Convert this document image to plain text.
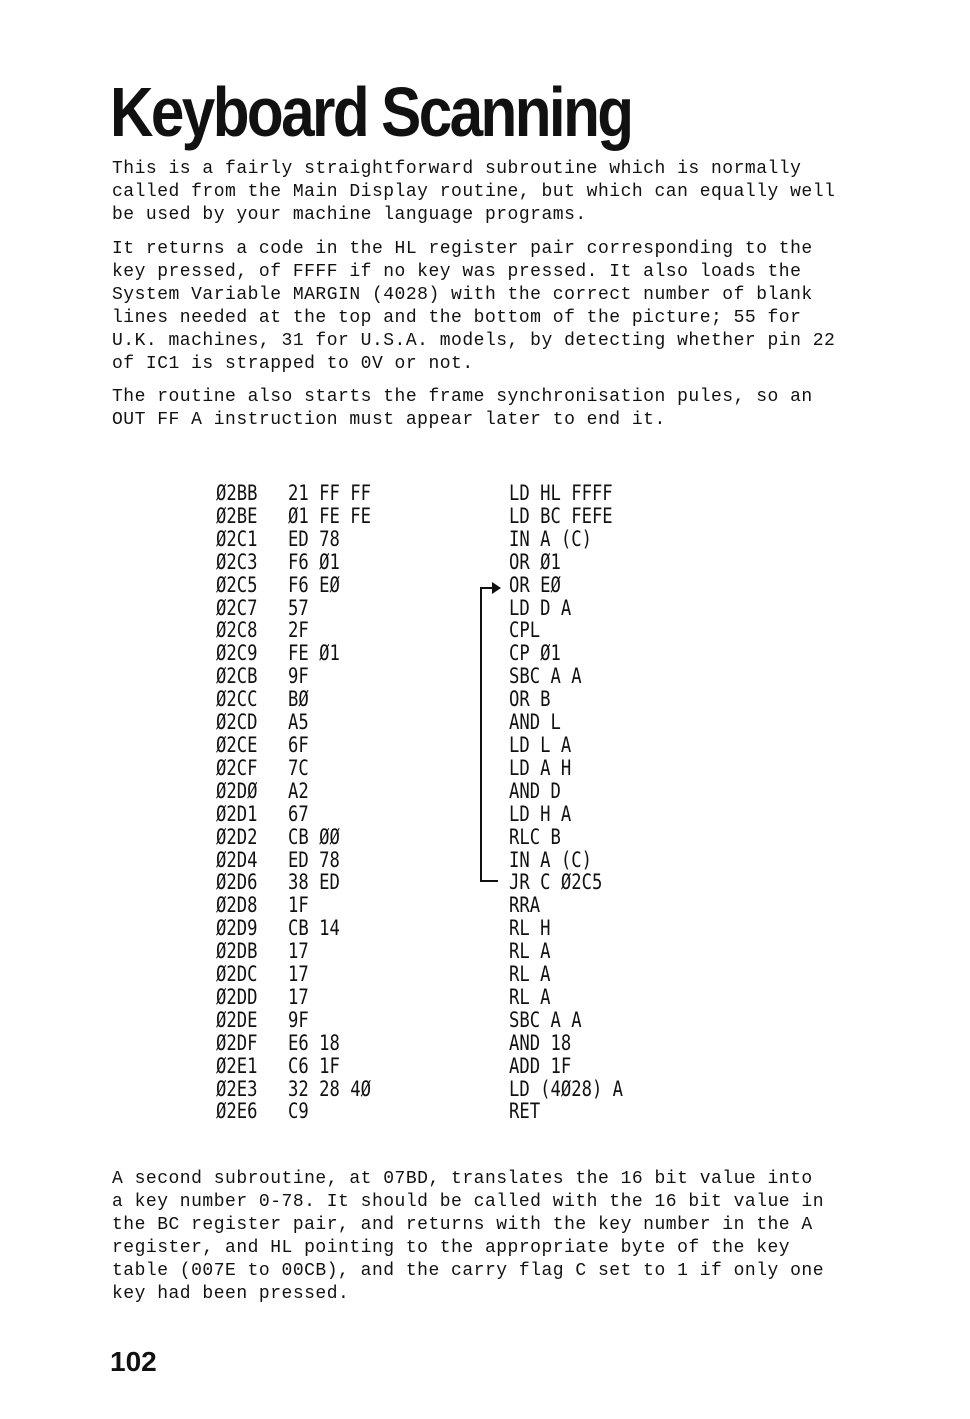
Keyboard Scanning

This is a fairly straightforward subroutine which is normally
called from the Main Display routine, but which can equally well
be used by your machine language programs.

It returns a code in the HL register pair corresponding to the
key pressed, of FFFF if no key was pressed. It also loads the
System Variable MARGIN (4028) with the correct number of blank
lines needed at the top and the bottom of the picture; 55 for
U.K. machines, 31 for U.S.A. models, by detecting whether pin 22
of IC1 is strapped to 0V or not.

The routine also starts the frame synchronisation pules, so an
OUT FF A instruction must appear later to end it.

Ø2BB 21 FF FF	LD HL FFFF
Ø2BE Ø1 FE FE	LD BC FEFE
Ø2C1 ED 78	IN A (C)
Ø2C3 F6 Ø1	OR Ø1
Ø2C5 F6 EØ	OR EØ
Ø2C7 57	LD D A
Ø2C8 2F	CPL
Ø2C9 FE Ø1	CP Ø1
Ø2CB 9F	SBC A A
Ø2CC BØ	OR B
Ø2CD A5	AND L
Ø2CE 6F	LD L A
Ø2CF 7C	LD A H
Ø2DØ A2	AND D
Ø2D1 67	LD H A
Ø2D2 CB ØØ	RLC B
Ø2D4 ED 78	IN A (C)
Ø2D6 38 ED	JR C Ø2C5
Ø2D8 1F	RRA
Ø2D9 CB 14	RL H
Ø2DB 17	RL A
Ø2DC 17	RL A
Ø2DD 17	RL A
Ø2DE 9F	SBC A A
Ø2DF E6 18	AND 18
Ø2E1 C6 1F	ADD 1F
Ø2E3 32 28 4Ø	LD (4Ø28) A
Ø2E6 C9	RET

A second subroutine, at 07BD, translates the 16 bit value into
a key number 0-78. It should be called with the 16 bit value in
the BC register pair, and returns with the key number in the A
register, and HL pointing to the appropriate byte of the key
table (007E to 00CB), and the carry flag C set to 1 if only one
key had been pressed.

102
